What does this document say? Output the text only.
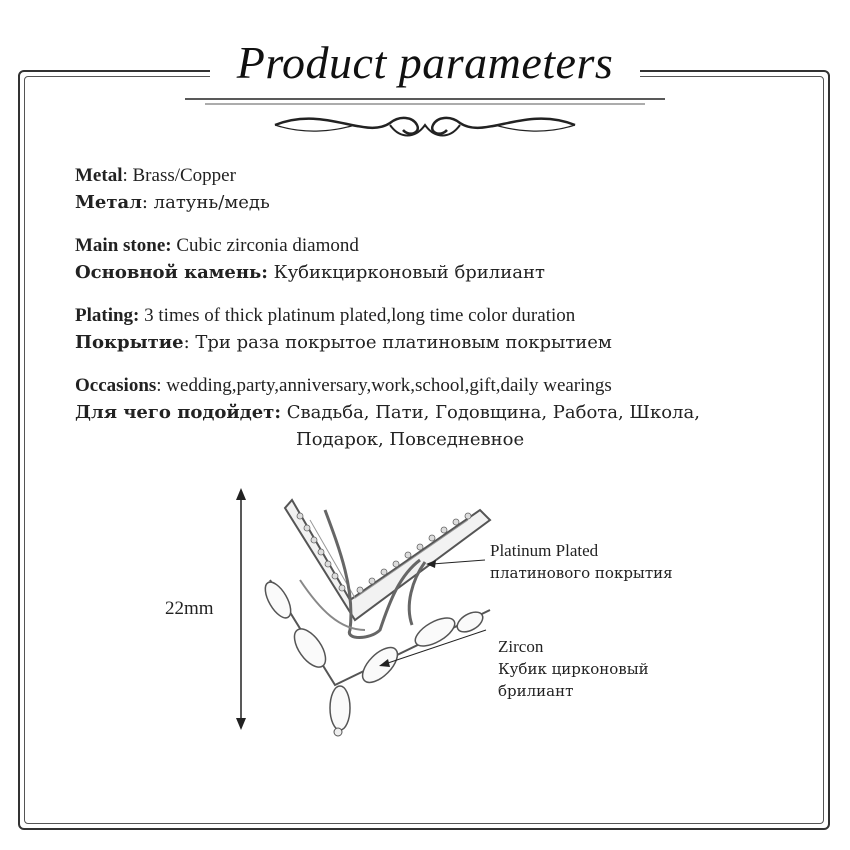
Product parameters
Metal: Brass/Copper
Метал: латунь/медь
Main stone: Cubic zirconia diamond
Основной камень: Кубикцирконовый брилиант
Plating: 3 times of thick platinum plated,long time color duration
Покрытие: Три раза покрытое платиновым покрытием
Occasions: wedding,party,anniversary,work,school,gift,daily wearings
Для чего подойдет: Свадьба, Пати, Годовщина, Работа, Школа,
Подарок, Повседневное
22mm
Platinum Plated
платинового покрытия
Zircon
Кубик цирконовый
брилиант
